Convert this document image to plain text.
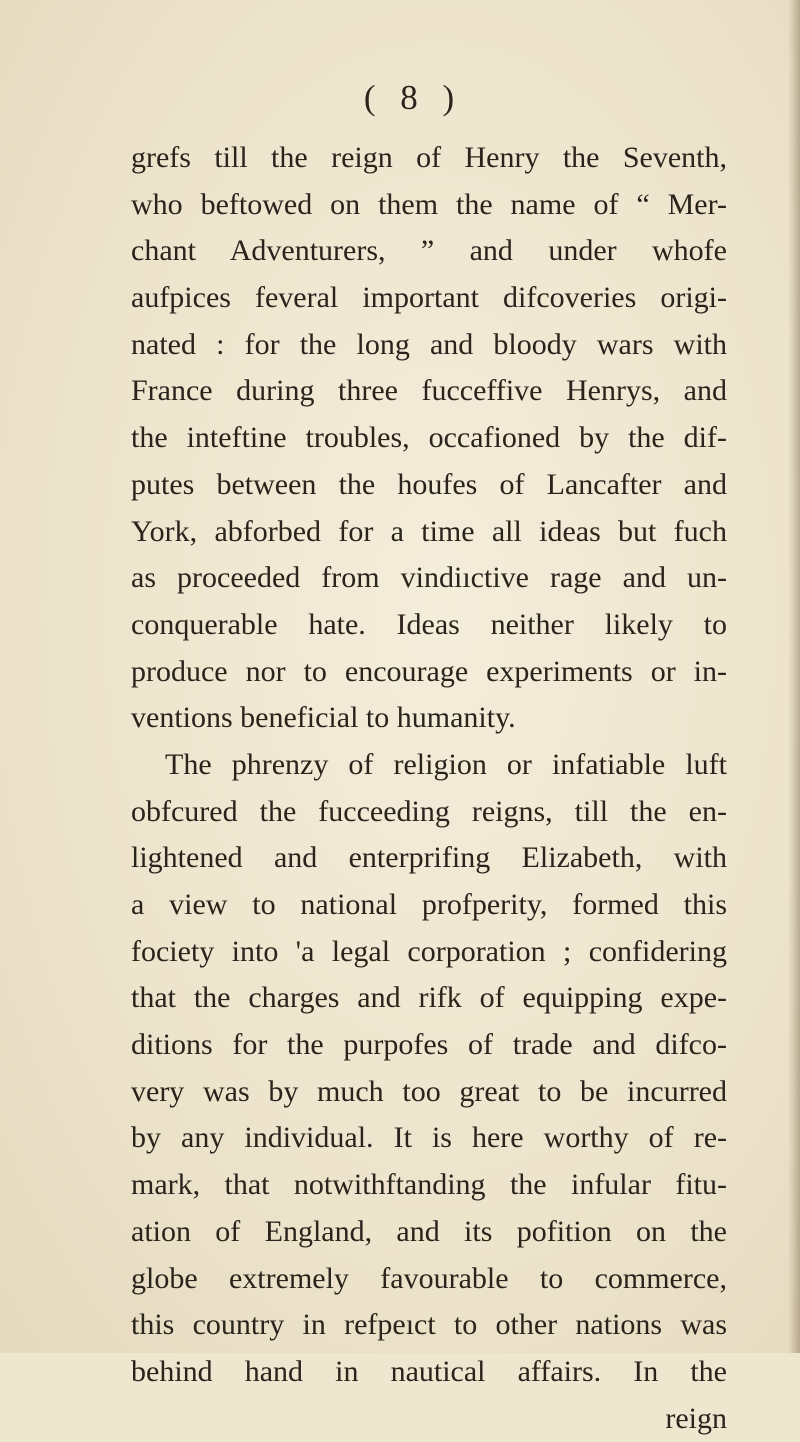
( 8 )
grefs till the reign of Henry the Seventh,
who beftowed on them the name of “ Mer-
chant Adventurers, ” and under whofe
aufpices feveral important difcoveries origi-
nated : for the long and bloody wars with
France during three fucceffive Henrys, and
the inteftine troubles, occafioned by the dif-
putes between the houfes of Lancafter and
York, abforbed for a time all ideas but fuch
as proceeded from vindiıctive rage and un-
conquerable hate. Ideas neither likely to
produce nor to encourage experiments or in-
ventions beneficial to humanity.
The phrenzy of religion or infatiable luft
obfcured the fucceeding reigns, till the en-
lightened and enterprifing Elizabeth, with
a view to national profperity, formed this
fociety into 'a legal corporation ; confidering
that the charges and rifk of equipping expe-
ditions for the purpofes of trade and difco-
very was by much too great to be incurred
by any individual. It is here worthy of re-
mark, that notwithftanding the infular fitu-
ation of England, and its pofition on the
globe extremely favourable to commerce,
this country in refpeıct to other nations was
behind hand in nautical affairs. In the
reign
